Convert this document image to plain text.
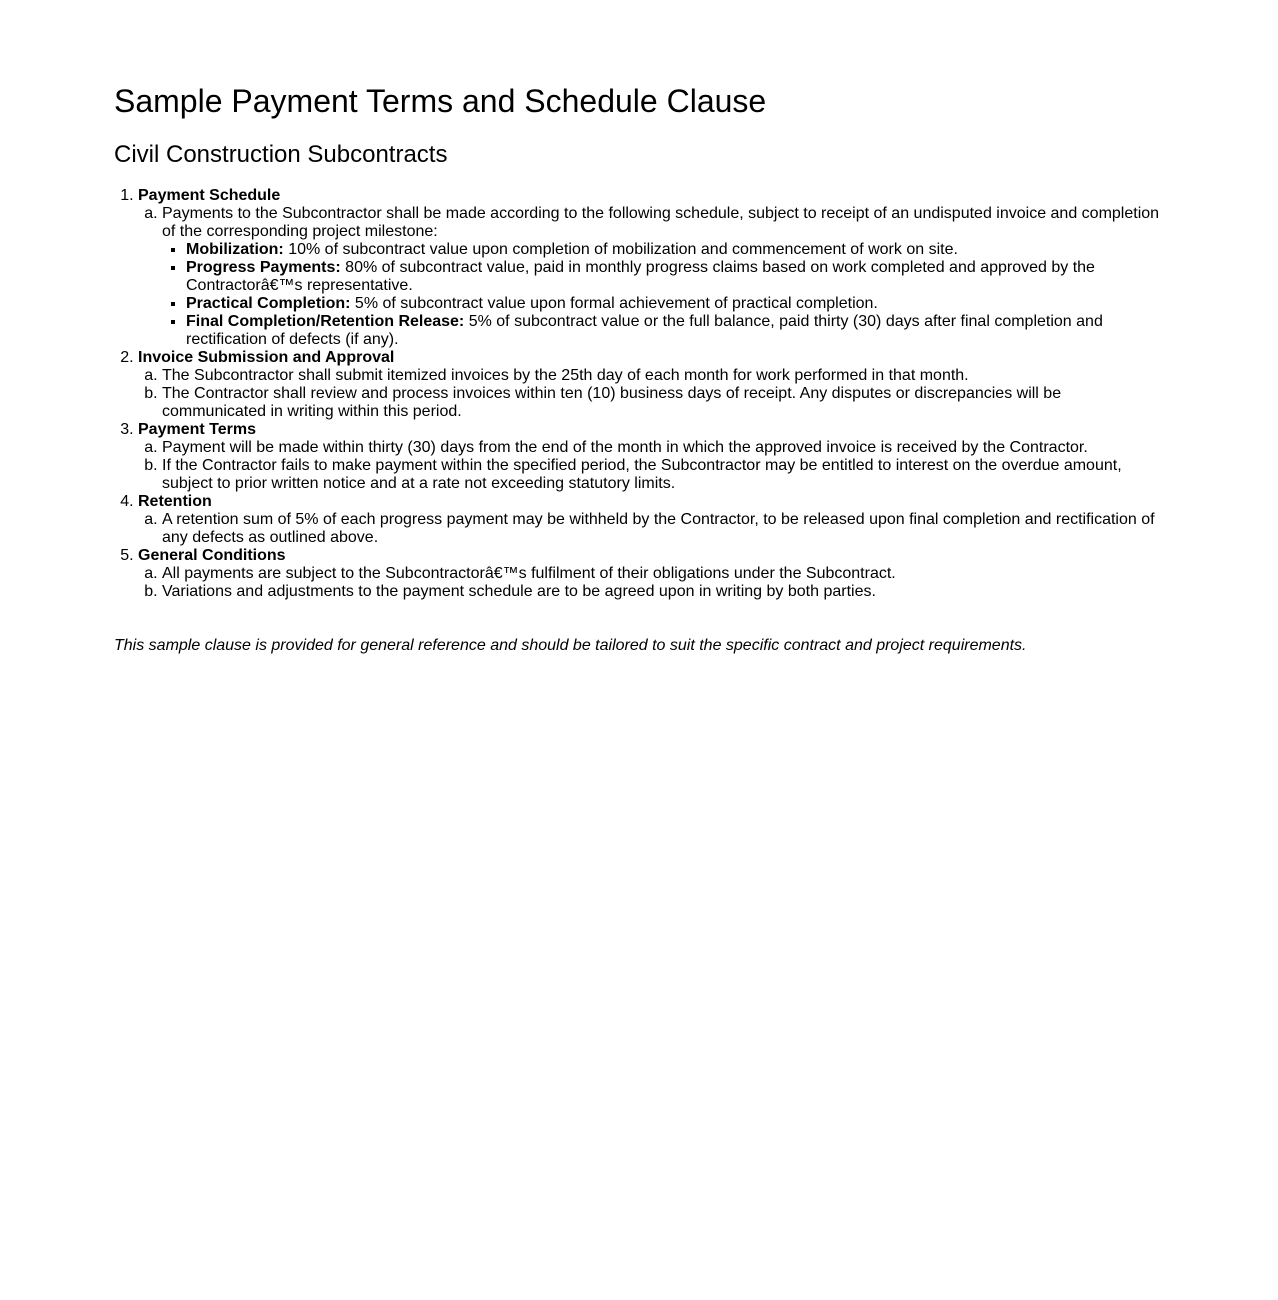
Sample Payment Terms and Schedule Clause
Civil Construction Subcontracts
1. Payment Schedule
a. Payments to the Subcontractor shall be made according to the following schedule, subject to receipt of an undisputed invoice and completion of the corresponding project milestone:
▪ Mobilization: 10% of subcontract value upon completion of mobilization and commencement of work on site.
▪ Progress Payments: 80% of subcontract value, paid in monthly progress claims based on work completed and approved by the Contractorâ€™s representative.
▪ Practical Completion: 5% of subcontract value upon formal achievement of practical completion.
▪ Final Completion/Retention Release: 5% of subcontract value or the full balance, paid thirty (30) days after final completion and rectification of defects (if any).
2. Invoice Submission and Approval
a. The Subcontractor shall submit itemized invoices by the 25th day of each month for work performed in that month.
b. The Contractor shall review and process invoices within ten (10) business days of receipt. Any disputes or discrepancies will be communicated in writing within this period.
3. Payment Terms
a. Payment will be made within thirty (30) days from the end of the month in which the approved invoice is received by the Contractor.
b. If the Contractor fails to make payment within the specified period, the Subcontractor may be entitled to interest on the overdue amount, subject to prior written notice and at a rate not exceeding statutory limits.
4. Retention
a. A retention sum of 5% of each progress payment may be withheld by the Contractor, to be released upon final completion and rectification of any defects as outlined above.
5. General Conditions
a. All payments are subject to the Subcontractorâ€™s fulfilment of their obligations under the Subcontract.
b. Variations and adjustments to the payment schedule are to be agreed upon in writing by both parties.

This sample clause is provided for general reference and should be tailored to suit the specific contract and project requirements.
